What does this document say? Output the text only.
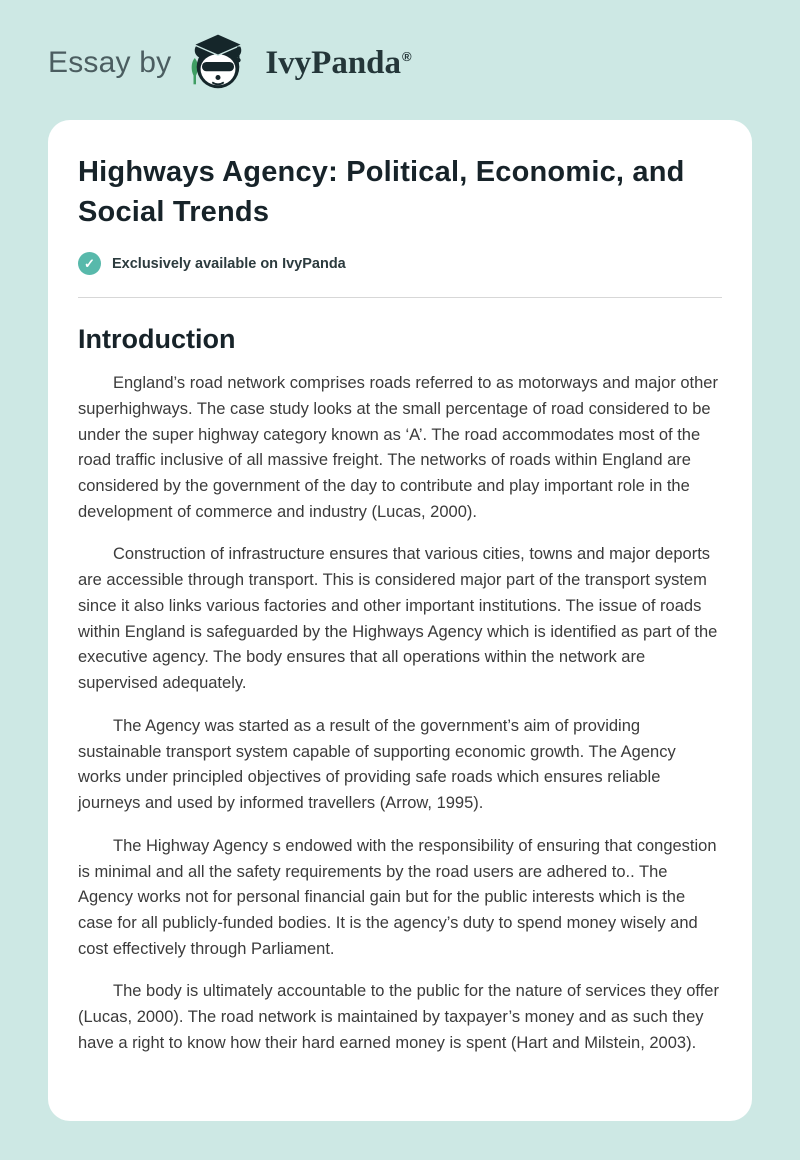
Essay by	IvyPanda ®
Highways Agency: Political, Economic, and Social Trends
✓	Exclusively available on IvyPanda
Introduction

England’s road network comprises roads referred to as motorways and major other superhighways. The case study looks at the small percentage of road considered to be under the super highway category known as ‘A’. The road accommodates most of the road traffic inclusive of all massive freight. The networks of roads within England are considered by the government of the day to contribute and play important role in the development of commerce and industry (Lucas, 2000).

Construction of infrastructure ensures that various cities, towns and major deports are accessible through transport. This is considered major part of the transport system since it also links various factories and other important institutions. The issue of roads within England is safeguarded by the Highways Agency which is identified as part of the executive agency. The body ensures that all operations within the network are supervised adequately.

The Agency was started as a result of the government’s aim of providing sustainable transport system capable of supporting economic growth. The Agency works under principled objectives of providing safe roads which ensures reliable journeys and used by informed travellers (Arrow, 1995).

The Highway Agency s endowed with the responsibility of ensuring that congestion is minimal and all the safety requirements by the road users are adhered to.. The Agency works not for personal financial gain but for the public interests which is the case for all publicly-funded bodies. It is the agency’s duty to spend money wisely and cost effectively through Parliament.

The body is ultimately accountable to the public for the nature of services they offer (Lucas, 2000). The road network is maintained by taxpayer’s money and as such they have a right to know how their hard earned money is spent (Hart and Milstein, 2003).
